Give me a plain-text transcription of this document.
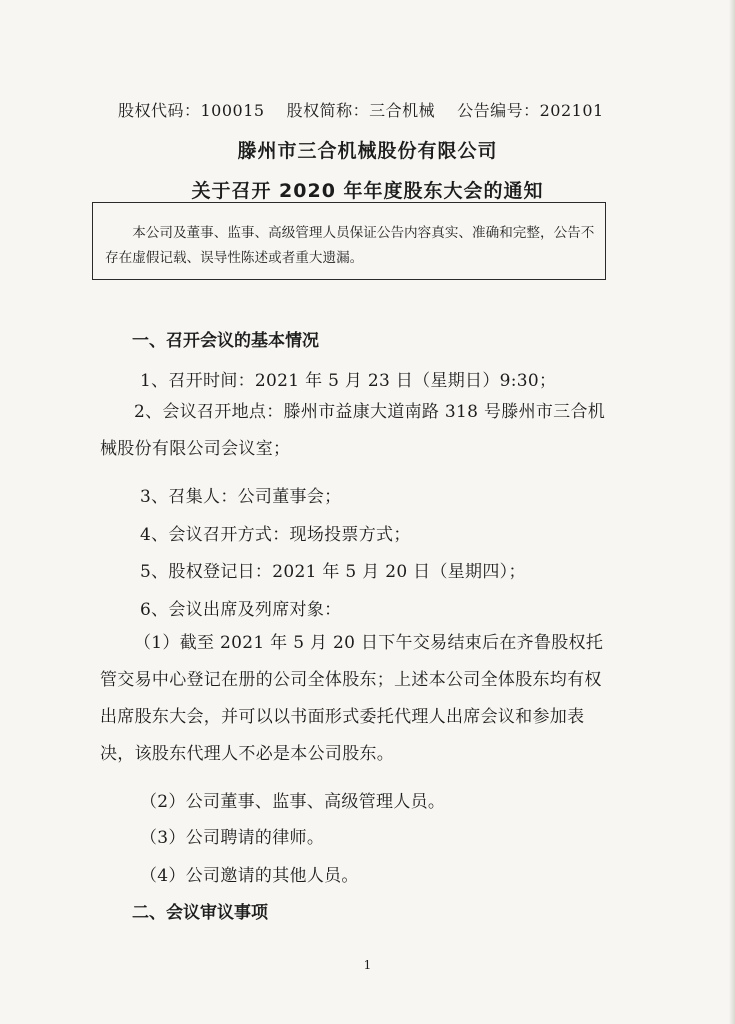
股权代码：100015 股权简称：三合机械 公告编号：202101
滕州市三合机械股份有限公司
关于召开 2020 年年度股东大会的通知
本公司及董事、监事、高级管理人员保证公告内容真实、准确和完整，公告不存在虚假记载、误导性陈述或者重大遗漏。
一、召开会议的基本情况
1、召开时间：2021 年 5 月 23 日（星期日）9:30；
2、会议召开地点：滕州市益康大道南路 318 号滕州市三合机械股份有限公司会议室；
3、召集人：公司董事会；
4、会议召开方式：现场投票方式；
5、股权登记日：2021 年 5 月 20 日（星期四）；
6、会议出席及列席对象：
（1）截至 2021 年 5 月 20 日下午交易结束后在齐鲁股权托管交易中心登记在册的公司全体股东；上述本公司全体股东均有权出席股东大会，并可以以书面形式委托代理人出席会议和参加表决，该股东代理人不必是本公司股东。
（2）公司董事、监事、高级管理人员。
（3）公司聘请的律师。
（4）公司邀请的其他人员。
二、会议审议事项
1
